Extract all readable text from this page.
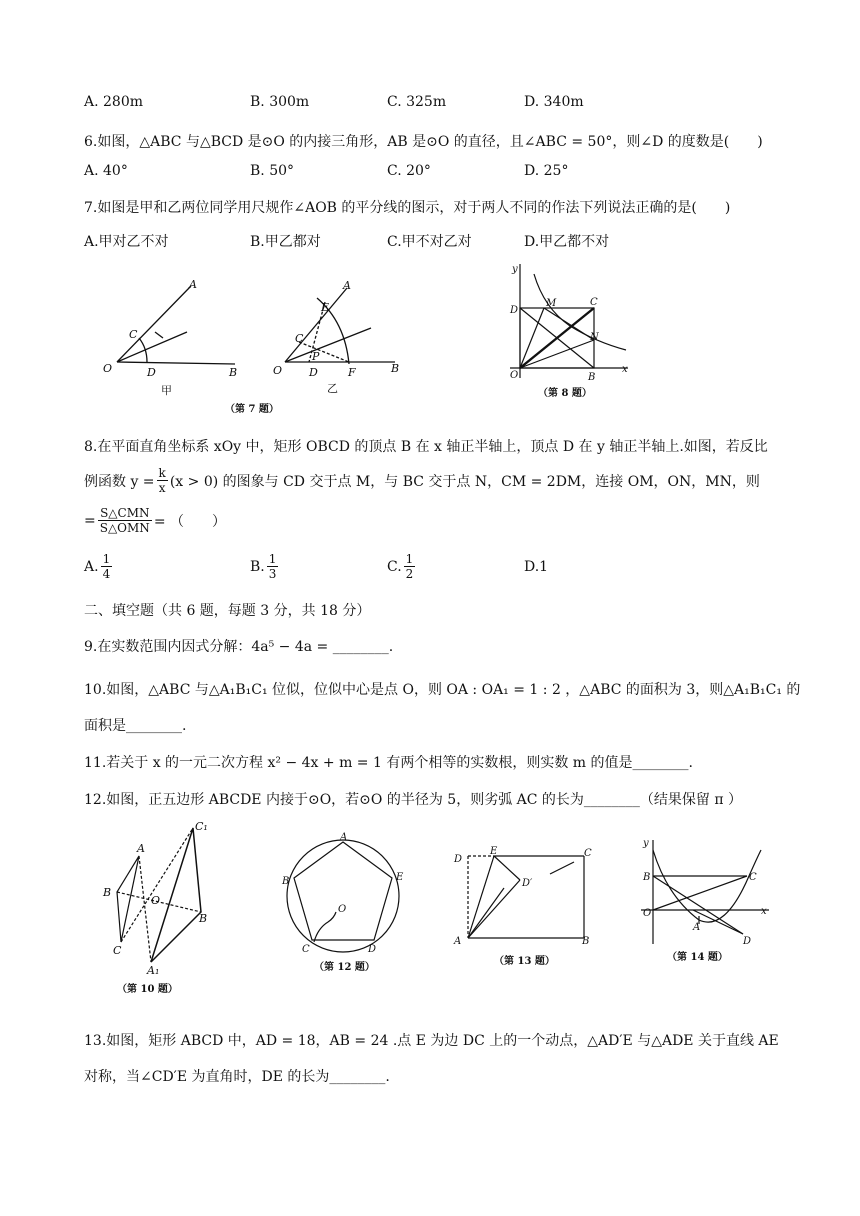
A. 280m	B. 300m	C. 325m	D. 340m
6.如图，△ABC 与△BCD 是⊙O 的内接三角形，AB 是⊙O 的直径，且∠ABC = 50°，则∠D 的度数是(　　)
A. 40°	B. 50°	C. 20°	D. 25°
7.如图是甲和乙两位同学用尺规作∠AOB 的平分线的图示，对于两人不同的作法下列说法正确的是(　　)
A.甲对乙不对	B.甲乙都对	C.甲不对乙对	D.甲乙都不对
A
C
O	D	B
A
E
C
P
O D	F	B
甲	乙
（第 7 题）
y
x
D
M	C
N
O	B
（第 8 题）
8.在平面直角坐标系 xOy 中，矩形 OBCD 的顶点 B 在 x 轴正半轴上，顶点 D 在 y 轴正半轴上.如图，若反比
例函数 $y = \frac{k}{x} (x > 0)$ 的图象与 CD 交于点 M，与 BC 交于点 N，CM = 2DM，连接 OM，ON，MN，则
= $\frac{\text{S△CMN}}{\text{S△OMN}}$ = （　　）
A. $\frac{1}{4}$	B. $\frac{1}{3}$	C. $\frac{1}{2}$	D.1
二、填空题（共 6 题，每题 3 分，共 18 分）
9.在实数范围内因式分解：4a⁵ − 4a = ________.
10.如图，△ABC 与△A₁B₁C₁ 位似，位似中心是点 O，则 OA : OA₁ = 1 : 2 ，△ABC 的面积为 3，则△A₁B₁C₁ 的
面积是________.
11.若关于 x 的一元二次方程 x² − 4x + m = 1 有两个相等的实数根，则实数 m 的值是________.
12.如图，正五边形 ABCDE 内接于⊙O，若⊙O 的半径为 5，则劣弧 AC 的长为________（结果保留 π ）
C₁
A
B
O
B
C
A₁
（第 10 题）
A
B	E
O
C	D
（第 12 题）
D
E	C
D′
A	B
（第 13 题）
y
B	C
O	x
A
D
（第 14 题）
13.如图，矩形 ABCD 中，AD = 18，AB = 24 .点 E 为边 DC 上的一个动点，△AD′E 与△ADE 关于直线 AE
对称，当∠CD′E 为直角时，DE 的长为________.
